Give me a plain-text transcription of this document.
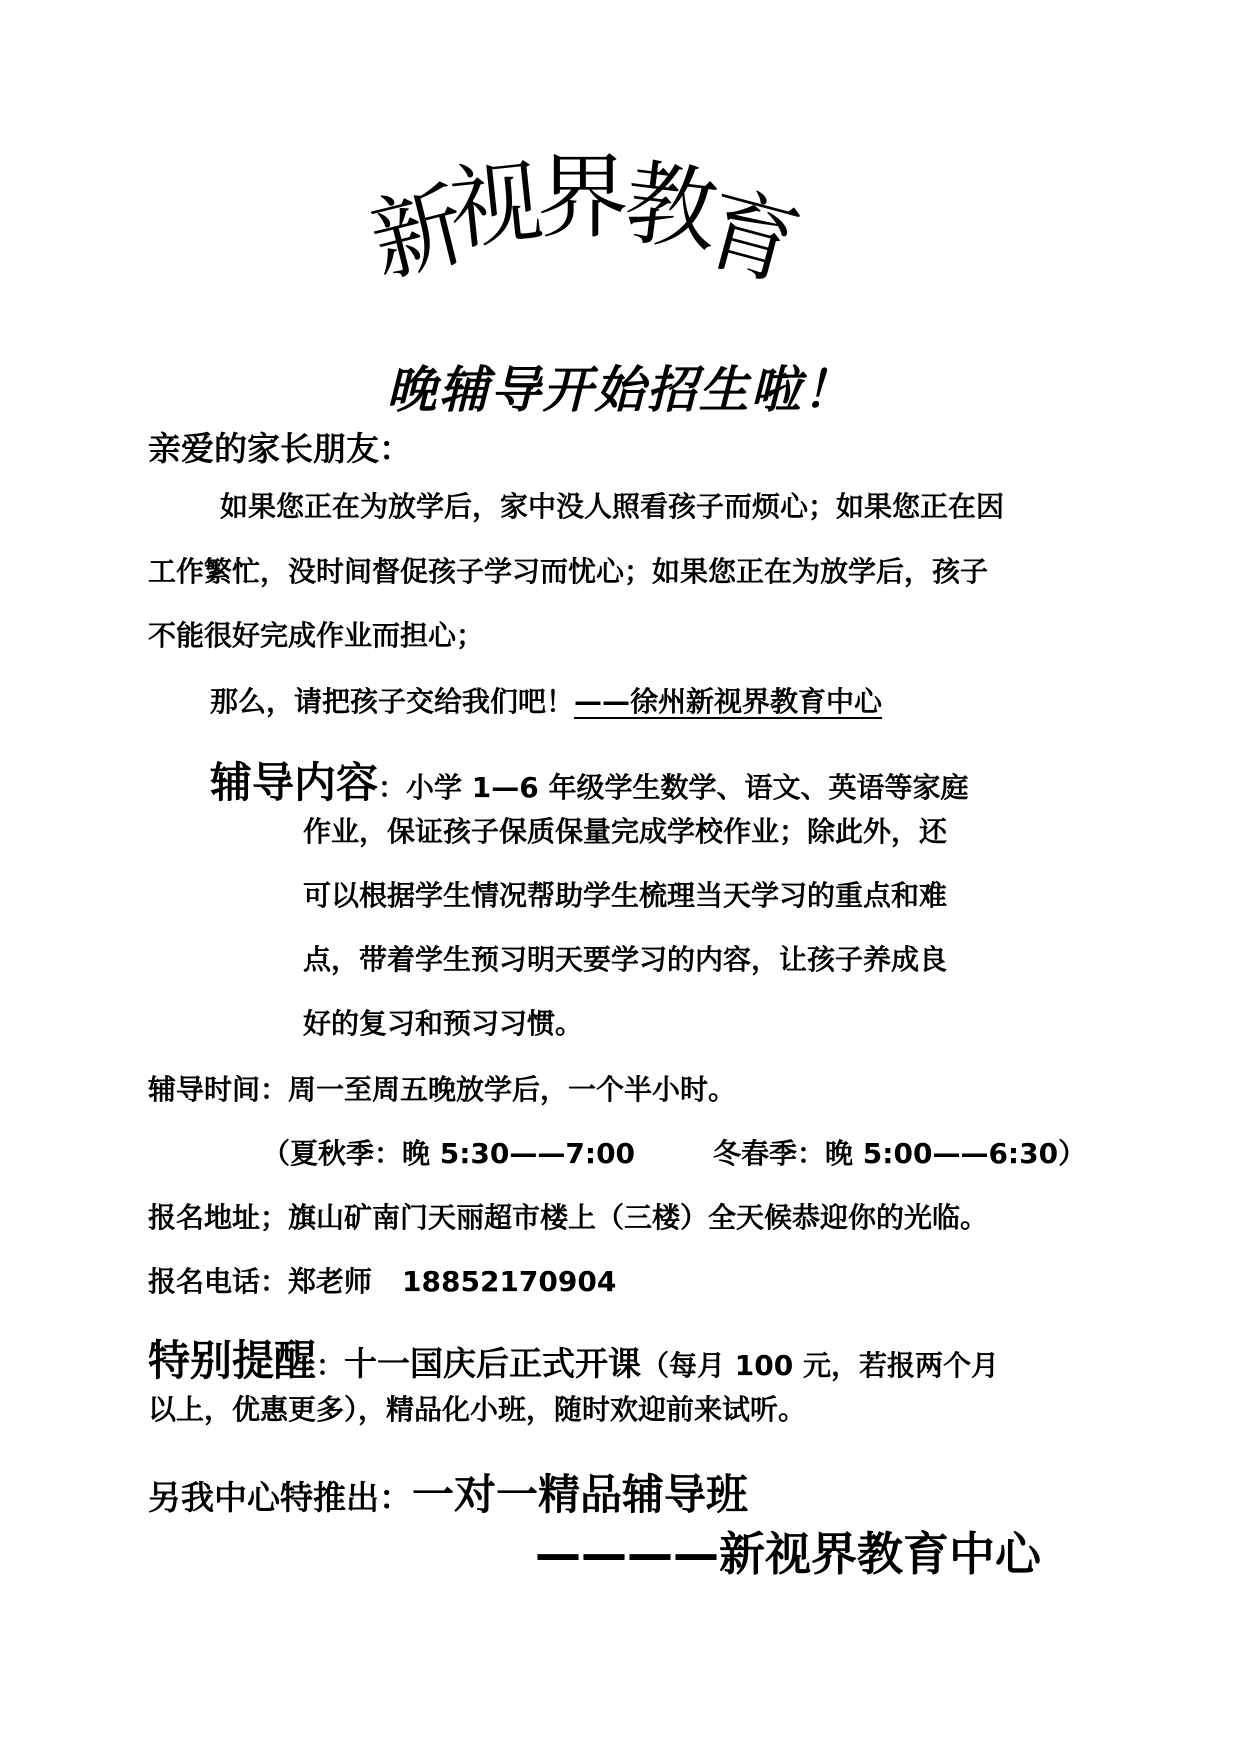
新
视
界
教
育
晚辅导开始招生啦！
亲爱的家长朋友：
如果您正在为放学后，家中没人照看孩子而烦心；如果您正在因
工作繁忙，没时间督促孩子学习而忧心；如果您正在为放学后，孩子
不能很好完成作业而担心；
那么，请把孩子交给我们吧！——徐州新视界教育中心
辅导内容：小学 1—6 年级学生数学、语文、英语等家庭
作业，保证孩子保质保量完成学校作业；除此外，还
可以根据学生情况帮助学生梳理当天学习的重点和难
点，带着学生预习明天要学习的内容，让孩子养成良
好的复习和预习习惯。
辅导时间：周一至周五晚放学后，一个半小时。
（夏秋季：晚 5:30——7:00	冬春季：晚 5:00——6:30）
报名地址；旗山矿南门天丽超市楼上（三楼）全天候恭迎你的光临。
报名电话：郑老师 18852170904
特别提醒：十一国庆后正式开课（每月 100 元，若报两个月
以上，优惠更多），精品化小班，随时欢迎前来试听。
另我中心特推出：一对一精品辅导班
————新视界教育中心
